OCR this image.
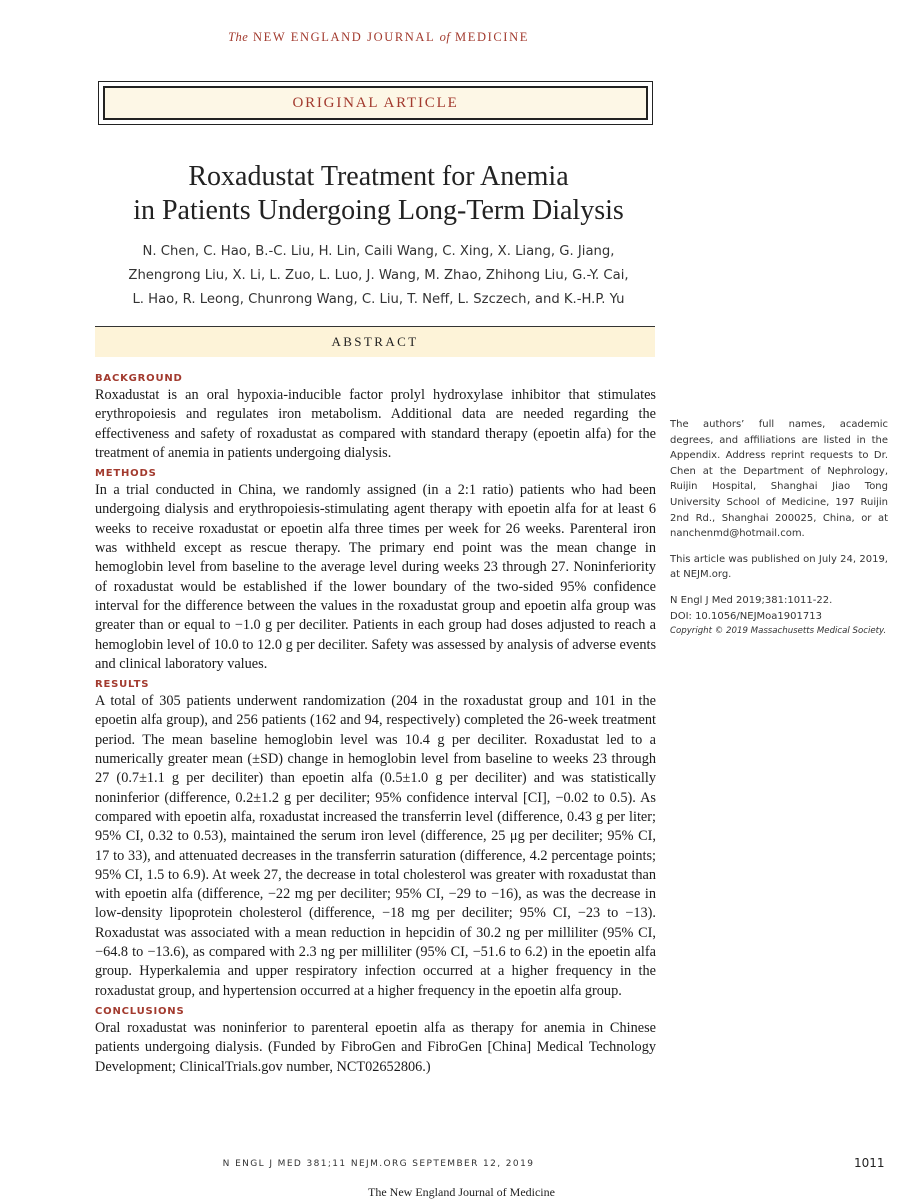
The NEW ENGLAND JOURNAL of MEDICINE
ORIGINAL ARTICLE
Roxadustat Treatment for Anemia
in Patients Undergoing Long-Term Dialysis
N. Chen, C. Hao, B.-C. Liu, H. Lin, Caili Wang, C. Xing, X. Liang, G. Jiang,
Zhengrong Liu, X. Li, L. Zuo, L. Luo, J. Wang, M. Zhao, Zhihong Liu, G.-Y. Cai,
L. Hao, R. Leong, Chunrong Wang, C. Liu, T. Neff, L. Szczech, and K.-H.P. Yu
ABSTRACT

BACKGROUND

Roxadustat is an oral hypoxia-inducible factor prolyl hydroxylase inhibitor that stimulates erythropoiesis and regulates iron metabolism. Additional data are needed regarding the effectiveness and safety of roxadustat as compared with standard therapy (epoetin alfa) for the treatment of anemia in patients undergoing dialysis.

METHODS

In a trial conducted in China, we randomly assigned (in a 2:1 ratio) patients who had been undergoing dialysis and erythropoiesis-stimulating agent therapy with epoetin alfa for at least 6 weeks to receive roxadustat or epoetin alfa three times per week for 26 weeks. Parenteral iron was withheld except as rescue therapy. The primary end point was the mean change in hemoglobin level from baseline to the average level during weeks 23 through 27. Noninferiority of roxadustat would be established if the lower boundary of the two-sided 95% confidence interval for the difference between the values in the roxadustat group and epoetin alfa group was greater than or equal to −1.0 g per deciliter. Patients in each group had doses adjusted to reach a hemoglobin level of 10.0 to 12.0 g per deciliter. Safety was assessed by analysis of adverse events and clinical laboratory values.

RESULTS

A total of 305 patients underwent randomization (204 in the roxadustat group and 101 in the epoetin alfa group), and 256 patients (162 and 94, respectively) completed the 26-week treatment period. The mean baseline hemoglobin level was 10.4 g per deciliter. Roxadustat led to a numerically greater mean (±SD) change in hemoglobin level from baseline to weeks 23 through 27 (0.7±1.1 g per deciliter) than epoetin alfa (0.5±1.0 g per deciliter) and was statistically noninferior (difference, 0.2±1.2 g per deciliter; 95% confidence interval [CI], −0.02 to 0.5). As compared with epoetin alfa, roxadustat increased the transferrin level (difference, 0.43 g per liter; 95% CI, 0.32 to 0.53), maintained the serum iron level (difference, 25 μg per deciliter; 95% CI, 17 to 33), and attenuated decreases in the transferrin saturation (difference, 4.2 percentage points; 95% CI, 1.5 to 6.9). At week 27, the decrease in total cholesterol was greater with roxadustat than with epoetin alfa (difference, −22 mg per deciliter; 95% CI, −29 to −16), as was the decrease in low-density lipoprotein cholesterol (difference, −18 mg per deciliter; 95% CI, −23 to −13). Roxadustat was associated with a mean reduction in hepcidin of 30.2 ng per milliliter (95% CI, −64.8 to −13.6), as compared with 2.3 ng per milliliter (95% CI, −51.6 to 6.2) in the epoetin alfa group. Hyperkalemia and upper respiratory infection occurred at a higher frequency in the roxadustat group, and hypertension occurred at a higher frequency in the epoetin alfa group.

CONCLUSIONS

Oral roxadustat was noninferior to parenteral epoetin alfa as therapy for anemia in Chinese patients undergoing dialysis. (Funded by FibroGen and FibroGen [China] Medical Technology Development; ClinicalTrials.gov number, NCT02652806.)

The authors’ full names, academic degrees, and affiliations are listed in the Appendix. Address reprint requests to Dr. Chen at the Department of Nephrology, Ruijin Hospital, Shanghai Jiao Tong University School of Medicine, 197 Ruijin 2nd Rd., Shanghai 200025, China, or at nanchenmd@hotmail.com.

This article was published on July 24, 2019, at NEJM.org.

N Engl J Med 2019;381:1011-22.
DOI: 10.1056/NEJMoa1901713
Copyright © 2019 Massachusetts Medical Society.
N ENGL J MED 381;11 NEJM.ORG SEPTEMBER 12, 2019	1011
The New England Journal of Medicine
